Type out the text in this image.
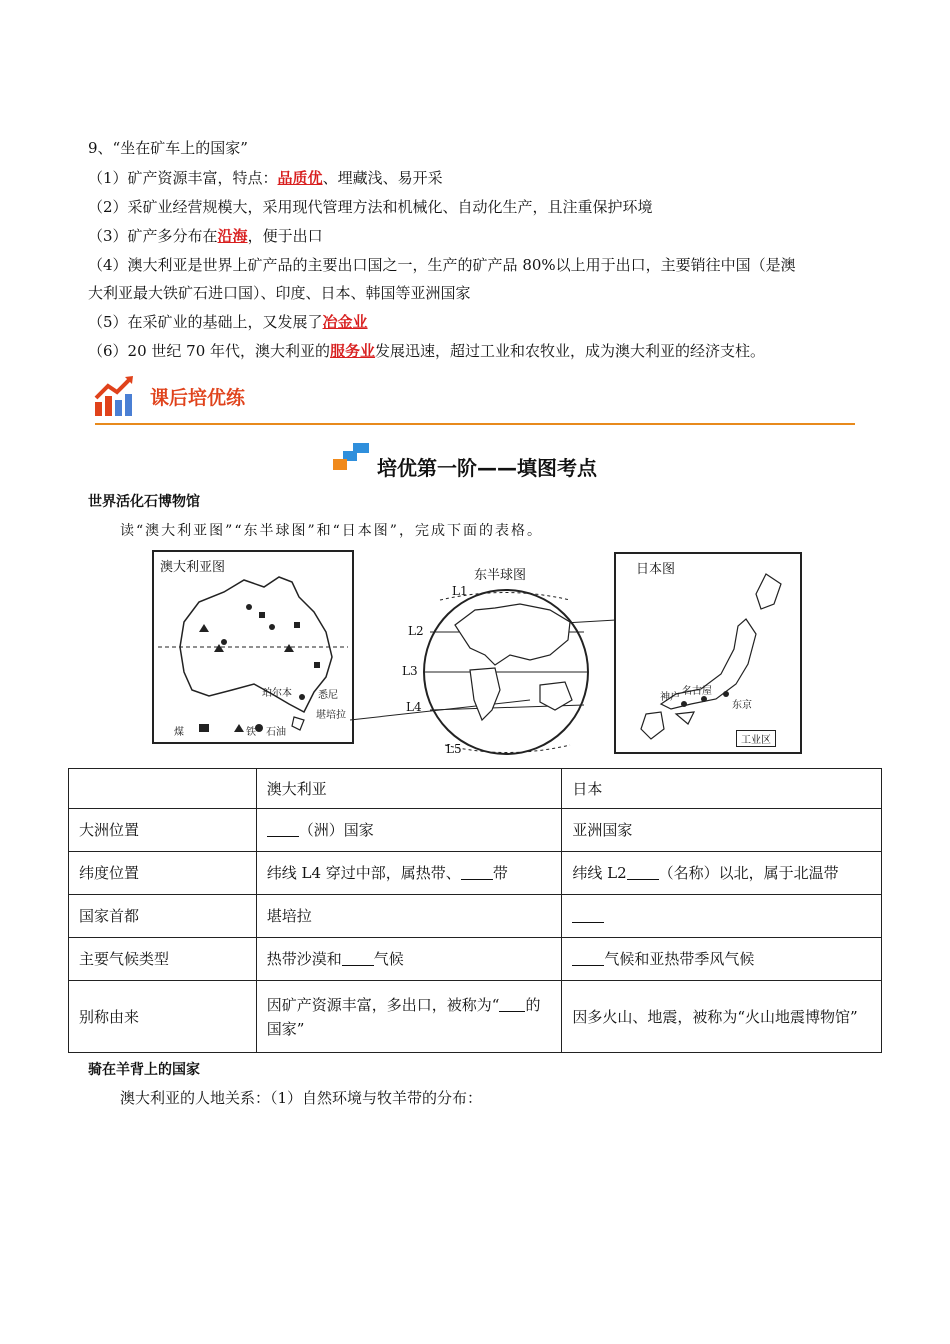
9、“坐在矿车上的国家”
（1）矿产资源丰富，特点：品质优、埋藏浅、易开采
（2）采矿业经营规模大，采用现代管理方法和机械化、自动化生产，且注重保护环境
（3）矿产多分布在沿海，便于出口
（4）澳大利亚是世界上矿产品的主要出口国之一，生产的矿产品 80%以上用于出口，主要销往中国（是澳
大利亚最大铁矿石进口国）、印度、日本、韩国等亚洲国家
（5）在采矿业的基础上，又发展了冶金业
（6）20 世纪 70 年代，澳大利亚的服务业发展迅速，超过工业和农牧业，成为澳大利亚的经济支柱。
课后培优练
培优第一阶——填图考点
世界活化石博物馆
读“澳大利亚图”“东半球图”和“日本图”，完成下面的表格。
澳大利亚图
珀尔本	悉尼
堪培拉
煤	铁 石油
东半球图
L1
L2
L3
L4
L5
日本图
神户
名古屋
东京
工业区
	澳大利亚	日本
大洲位置	（洲）国家	亚洲国家
纬度位置	纬线 L4 穿过中部，属热带、 带	纬线 L2 （名称）以北，属于北温带
国家首都	堪培拉	
主要气候类型	热带沙漠和 气候	气候和亚热带季风气候
别称由来	因矿产资源丰富，多出口，被称为“ 的国家”	因多火山、地震，被称为“火山地震博物馆”
骑在羊背上的国家
澳大利亚的人地关系：（1）自然环境与牧羊带的分布：
